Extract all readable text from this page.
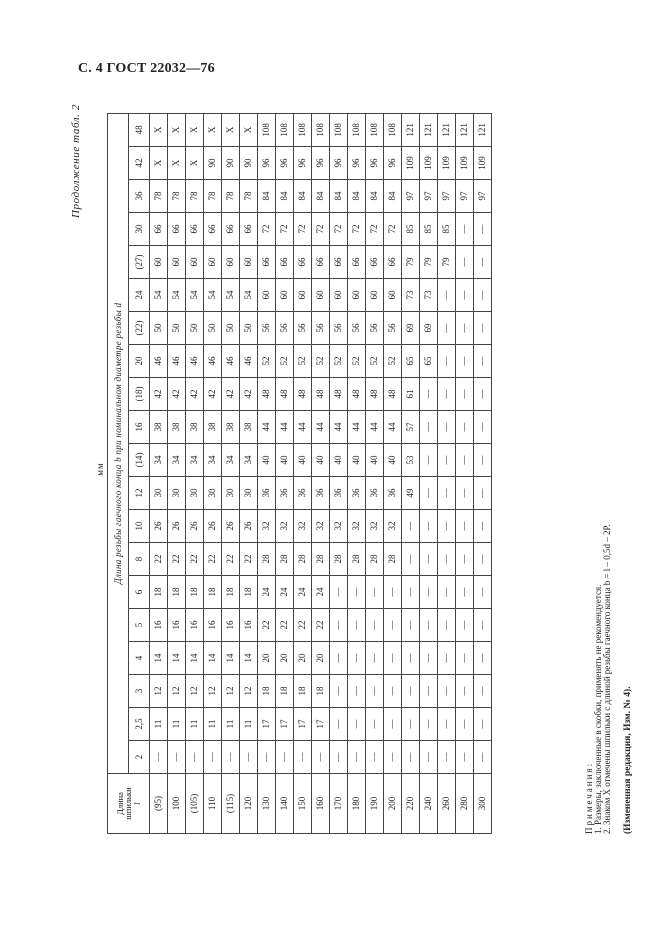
С. 4 ГОСТ 22032—76
Продолжение табл. 2
мм
Длина
шпильки
l	Длина резьбы гаечного конца b при номинальном диаметре резьбы d																			
	2	2,5	3	4	5	6	8	10	12	(14)	16	(18)	20	(22)	24	(27)	30	36	42	48
(95)	—	11	12	14	16	18	22	26	30	34	38	42	46	50	54	60	66	78	X	X
100	—	11	12	14	16	18	22	26	30	34	38	42	46	50	54	60	66	78	X	X
(105)	—	11	12	14	16	18	22	26	30	34	38	42	46	50	54	60	66	78	X	X
110	—	11	12	14	16	18	22	26	30	34	38	42	46	50	54	60	66	78	90	X
(115)	—	11	12	14	16	18	22	26	30	34	38	42	46	50	54	60	66	78	90	X
120	—	11	12	14	16	18	22	26	30	34	38	42	46	50	54	60	66	78	90	X
130	—	17	18	20	22	24	28	32	36	40	44	48	52	56	60	66	72	84	96	108
140	—	17	18	20	22	24	28	32	36	40	44	48	52	56	60	66	72	84	96	108
150	—	17	18	20	22	24	28	32	36	40	44	48	52	56	60	66	72	84	96	108
160	—	17	18	20	22	24	28	32	36	40	44	48	52	56	60	66	72	84	96	108
170	—	—	—	—	—	—	28	32	36	40	44	48	52	56	60	66	72	84	96	108
180	—	—	—	—	—	—	28	32	36	40	44	48	52	56	60	66	72	84	96	108
190	—	—	—	—	—	—	28	32	36	40	44	48	52	56	60	66	72	84	96	108
200	—	—	—	—	—	—	28	32	36	40	44	48	52	56	60	66	72	84	96	108
220	—	—	—	—	—	—	—	—	49	53	57	61	65	69	73	79	85	97	109	121
240	—	—	—	—	—	—	—	—	—	—	—	—	65	69	73	79	85	97	109	121
260	—	—	—	—	—	—	—	—	—	—	—	—	—	—	—	79	85	97	109	121
280	—	—	—	—	—	—	—	—	—	—	—	—	—	—	—	—	—	97	109	121
300	—	—	—	—	—	—	—	—	—	—	—	—	—	—	—	—	—	97	109	121
Примечания: 1. Размеры, заключенные в скобки, применять не рекомендуется. 2. Знаком Х отмечены шпильки с длиной резьбы гаечного конца b = l – 0,5d – 2P. (Измененная редакция, Изм. № 4).
